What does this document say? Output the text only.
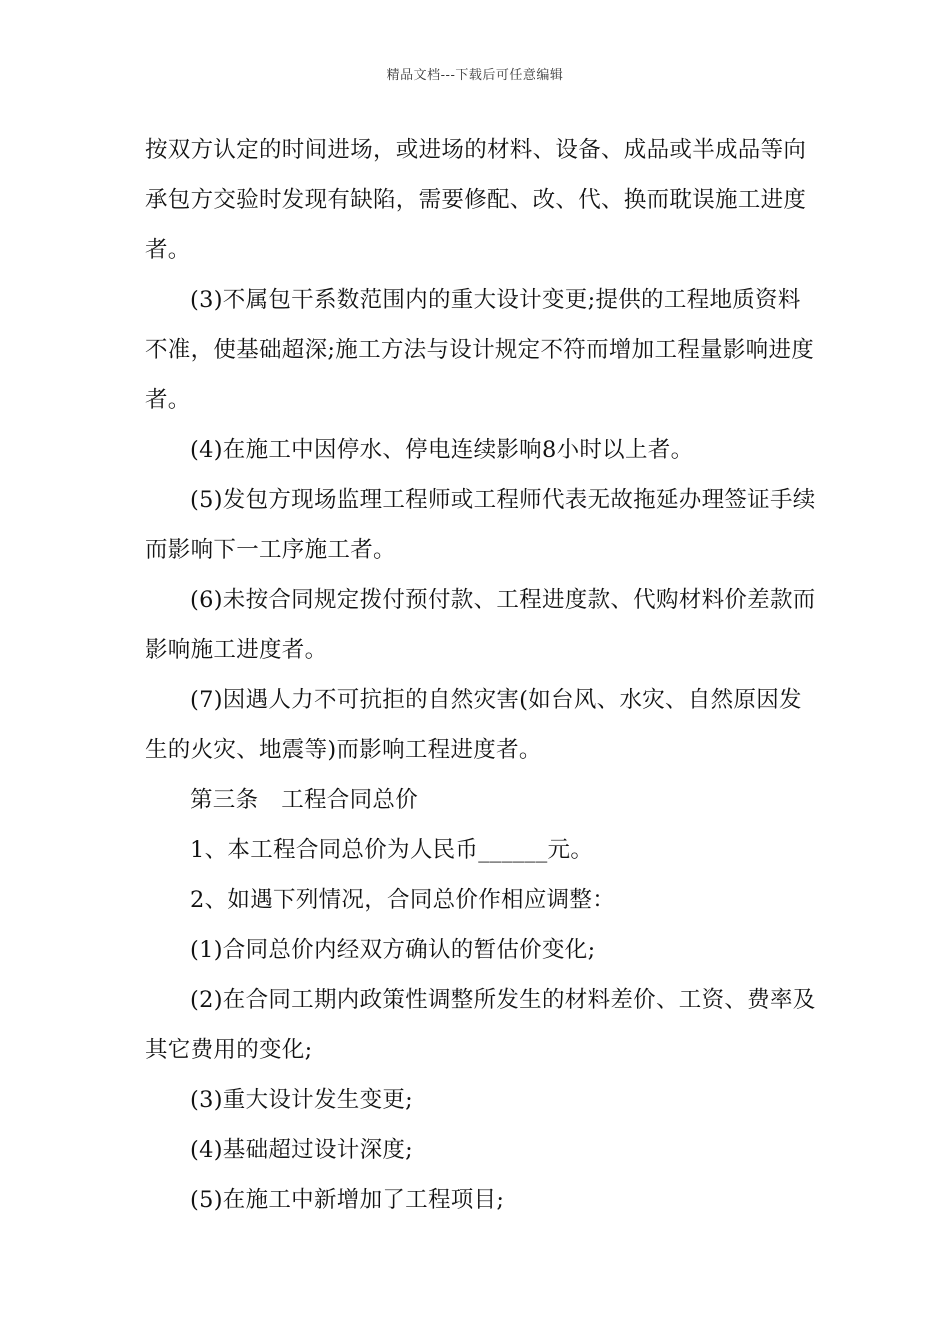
精品文档---下载后可任意编辑
按双方认定的时间进场，或进场的材料、设备、成品或半成品等向
承包方交验时发现有缺陷，需要修配、改、代、换而耽误施工进度
者。
(3)不属包干系数范围内的重大设计变更;提供的工程地质资料
不准，使基础超深;施工方法与设计规定不符而增加工程量影响进度
者。
(4)在施工中因停水、停电连续影响8小时以上者。
(5)发包方现场监理工程师或工程师代表无故拖延办理签证手续
而影响下一工序施工者。
(6)未按合同规定拨付预付款、工程进度款、代购材料价差款而
影响施工进度者。
(7)因遇人力不可抗拒的自然灾害(如台风、水灾、自然原因发
生的火灾、地震等)而影响工程进度者。
第三条　工程合同总价
1、本工程合同总价为人民币______元。
2、如遇下列情况，合同总价作相应调整：
(1)合同总价内经双方确认的暂估价变化;
(2)在合同工期内政策性调整所发生的材料差价、工资、费率及
其它费用的变化;
(3)重大设计发生变更;
(4)基础超过设计深度;
(5)在施工中新增加了工程项目;
